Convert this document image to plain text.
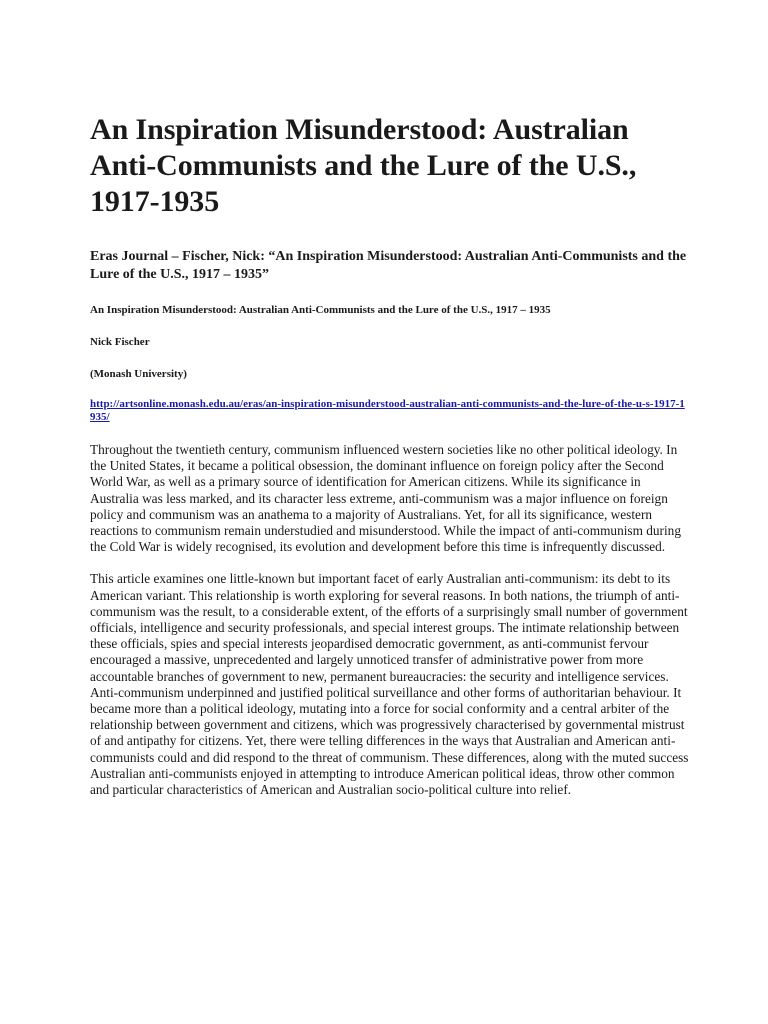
An Inspiration Misunderstood: Australian Anti-Communists and the Lure of the U.S., 1917-1935

Eras Journal – Fischer, Nick: “An Inspiration Misunderstood: Australian Anti-Communists and the Lure of the U.S., 1917 – 1935”

An Inspiration Misunderstood: Australian Anti-Communists and the Lure of the U.S., 1917 – 1935

Nick Fischer

(Monash University)

http://artsonline.monash.edu.au/eras/an-inspiration-misunderstood-australian-anti-communists-and-the-lure-of-the-u-s-1917-1935/

Throughout the twentieth century, communism influenced western societies like no other political ideology. In the United States, it became a political obsession, the dominant influence on foreign policy after the Second World War, as well as a primary source of identification for American citizens. While its significance in Australia was less marked, and its character less extreme, anti-communism was a major influence on foreign policy and communism was an anathema to a majority of Australians. Yet, for all its significance, western reactions to communism remain understudied and misunderstood. While the impact of anti-communism during the Cold War is widely recognised, its evolution and development before this time is infrequently discussed.

This article examines one little-known but important facet of early Australian anti-communism: its debt to its American variant. This relationship is worth exploring for several reasons. In both nations, the triumph of anti-communism was the result, to a considerable extent, of the efforts of a surprisingly small number of government officials, intelligence and security professionals, and special interest groups. The intimate relationship between these officials, spies and special interests jeopardised democratic government, as anti-communist fervour encouraged a massive, unprecedented and largely unnoticed transfer of administrative power from more accountable branches of government to new, permanent bureaucracies: the security and intelligence services. Anti-communism underpinned and justified political surveillance and other forms of authoritarian behaviour. It became more than a political ideology, mutating into a force for social conformity and a central arbiter of the relationship between government and citizens, which was progressively characterised by governmental mistrust of and antipathy for citizens. Yet, there were telling differences in the ways that Australian and American anti-communists could and did respond to the threat of communism. These differences, along with the muted success Australian anti-communists enjoyed in attempting to introduce American political ideas, throw other common and particular characteristics of American and Australian socio-political culture into relief.
